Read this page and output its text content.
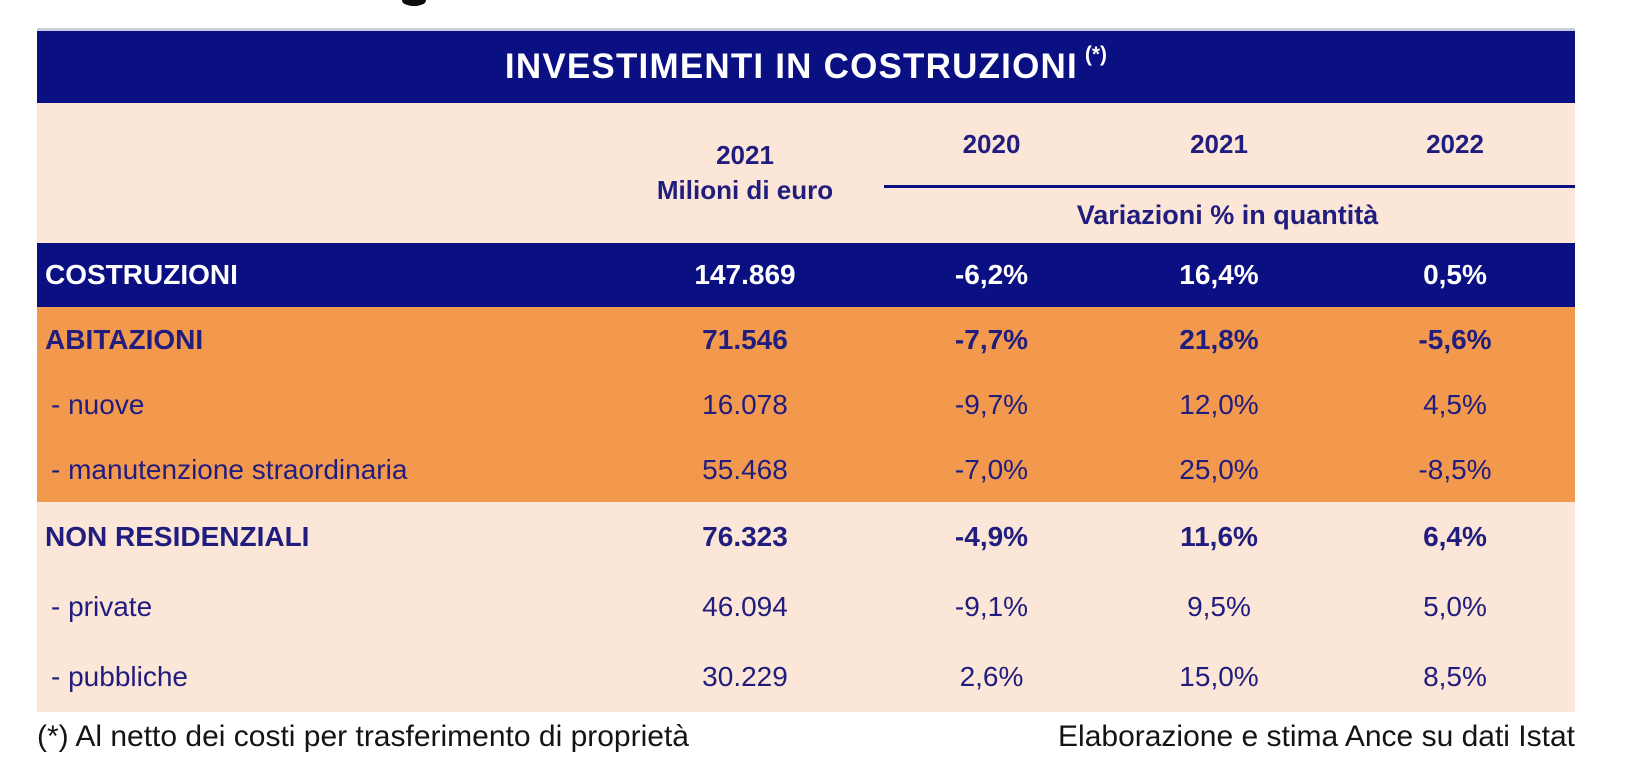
INVESTIMENTI IN COSTRUZIONI (*)
2021
Milioni di euro
2020	2021	2022
Variazioni % in quantità
COSTRUZIONI	147.869	-6,2%	16,4%	0,5%
ABITAZIONI	71.546	-7,7%	21,8%	-5,6%
- nuove	16.078	-9,7%	12,0%	4,5%
- manutenzione straordinaria	55.468	-7,0%	25,0%	-8,5%
NON RESIDENZIALI	76.323	-4,9%	11,6%	6,4%
- private	46.094	-9,1%	9,5%	5,0%
- pubbliche	30.229	2,6%	15,0%	8,5%
(*) Al netto dei costi per trasferimento di proprietà	Elaborazione e stima Ance su dati Istat
